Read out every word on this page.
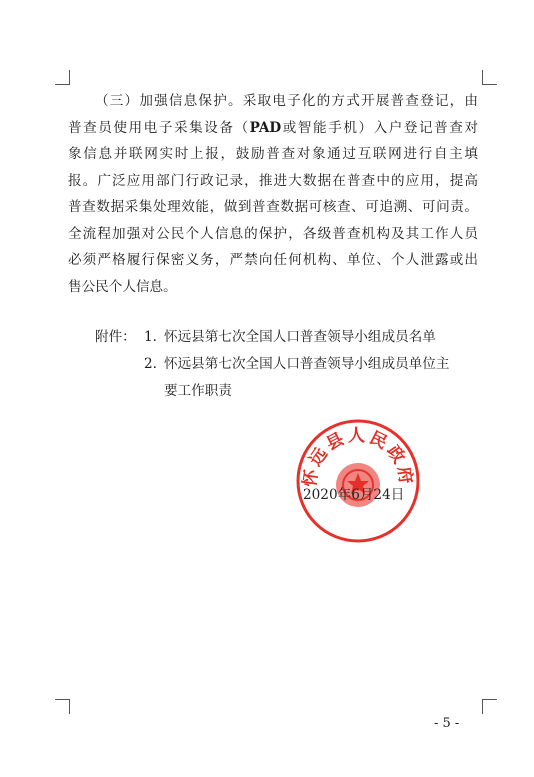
（三）加强信息保护。采取电子化的方式开展普查登记，由
普查员使用电子采集设备（PAD或智能手机）入户登记普查对
象信息并联网实时上报，鼓励普查对象通过互联网进行自主填
报。广泛应用部门行政记录，推进大数据在普查中的应用，提高
普查数据采集处理效能，做到普查数据可核查、可追溯、可问责。
全流程加强对公民个人信息的保护，各级普查机构及其工作人员
必须严格履行保密义务，严禁向任何机构、单位、个人泄露或出
售公民个人信息。
附件： 1. 怀远县第七次全国人口普查领导小组成员名单
2. 怀远县第七次全国人口普查领导小组成员单位主
要工作职责
怀远县人民政府
2020年6月24日
- 5 -
